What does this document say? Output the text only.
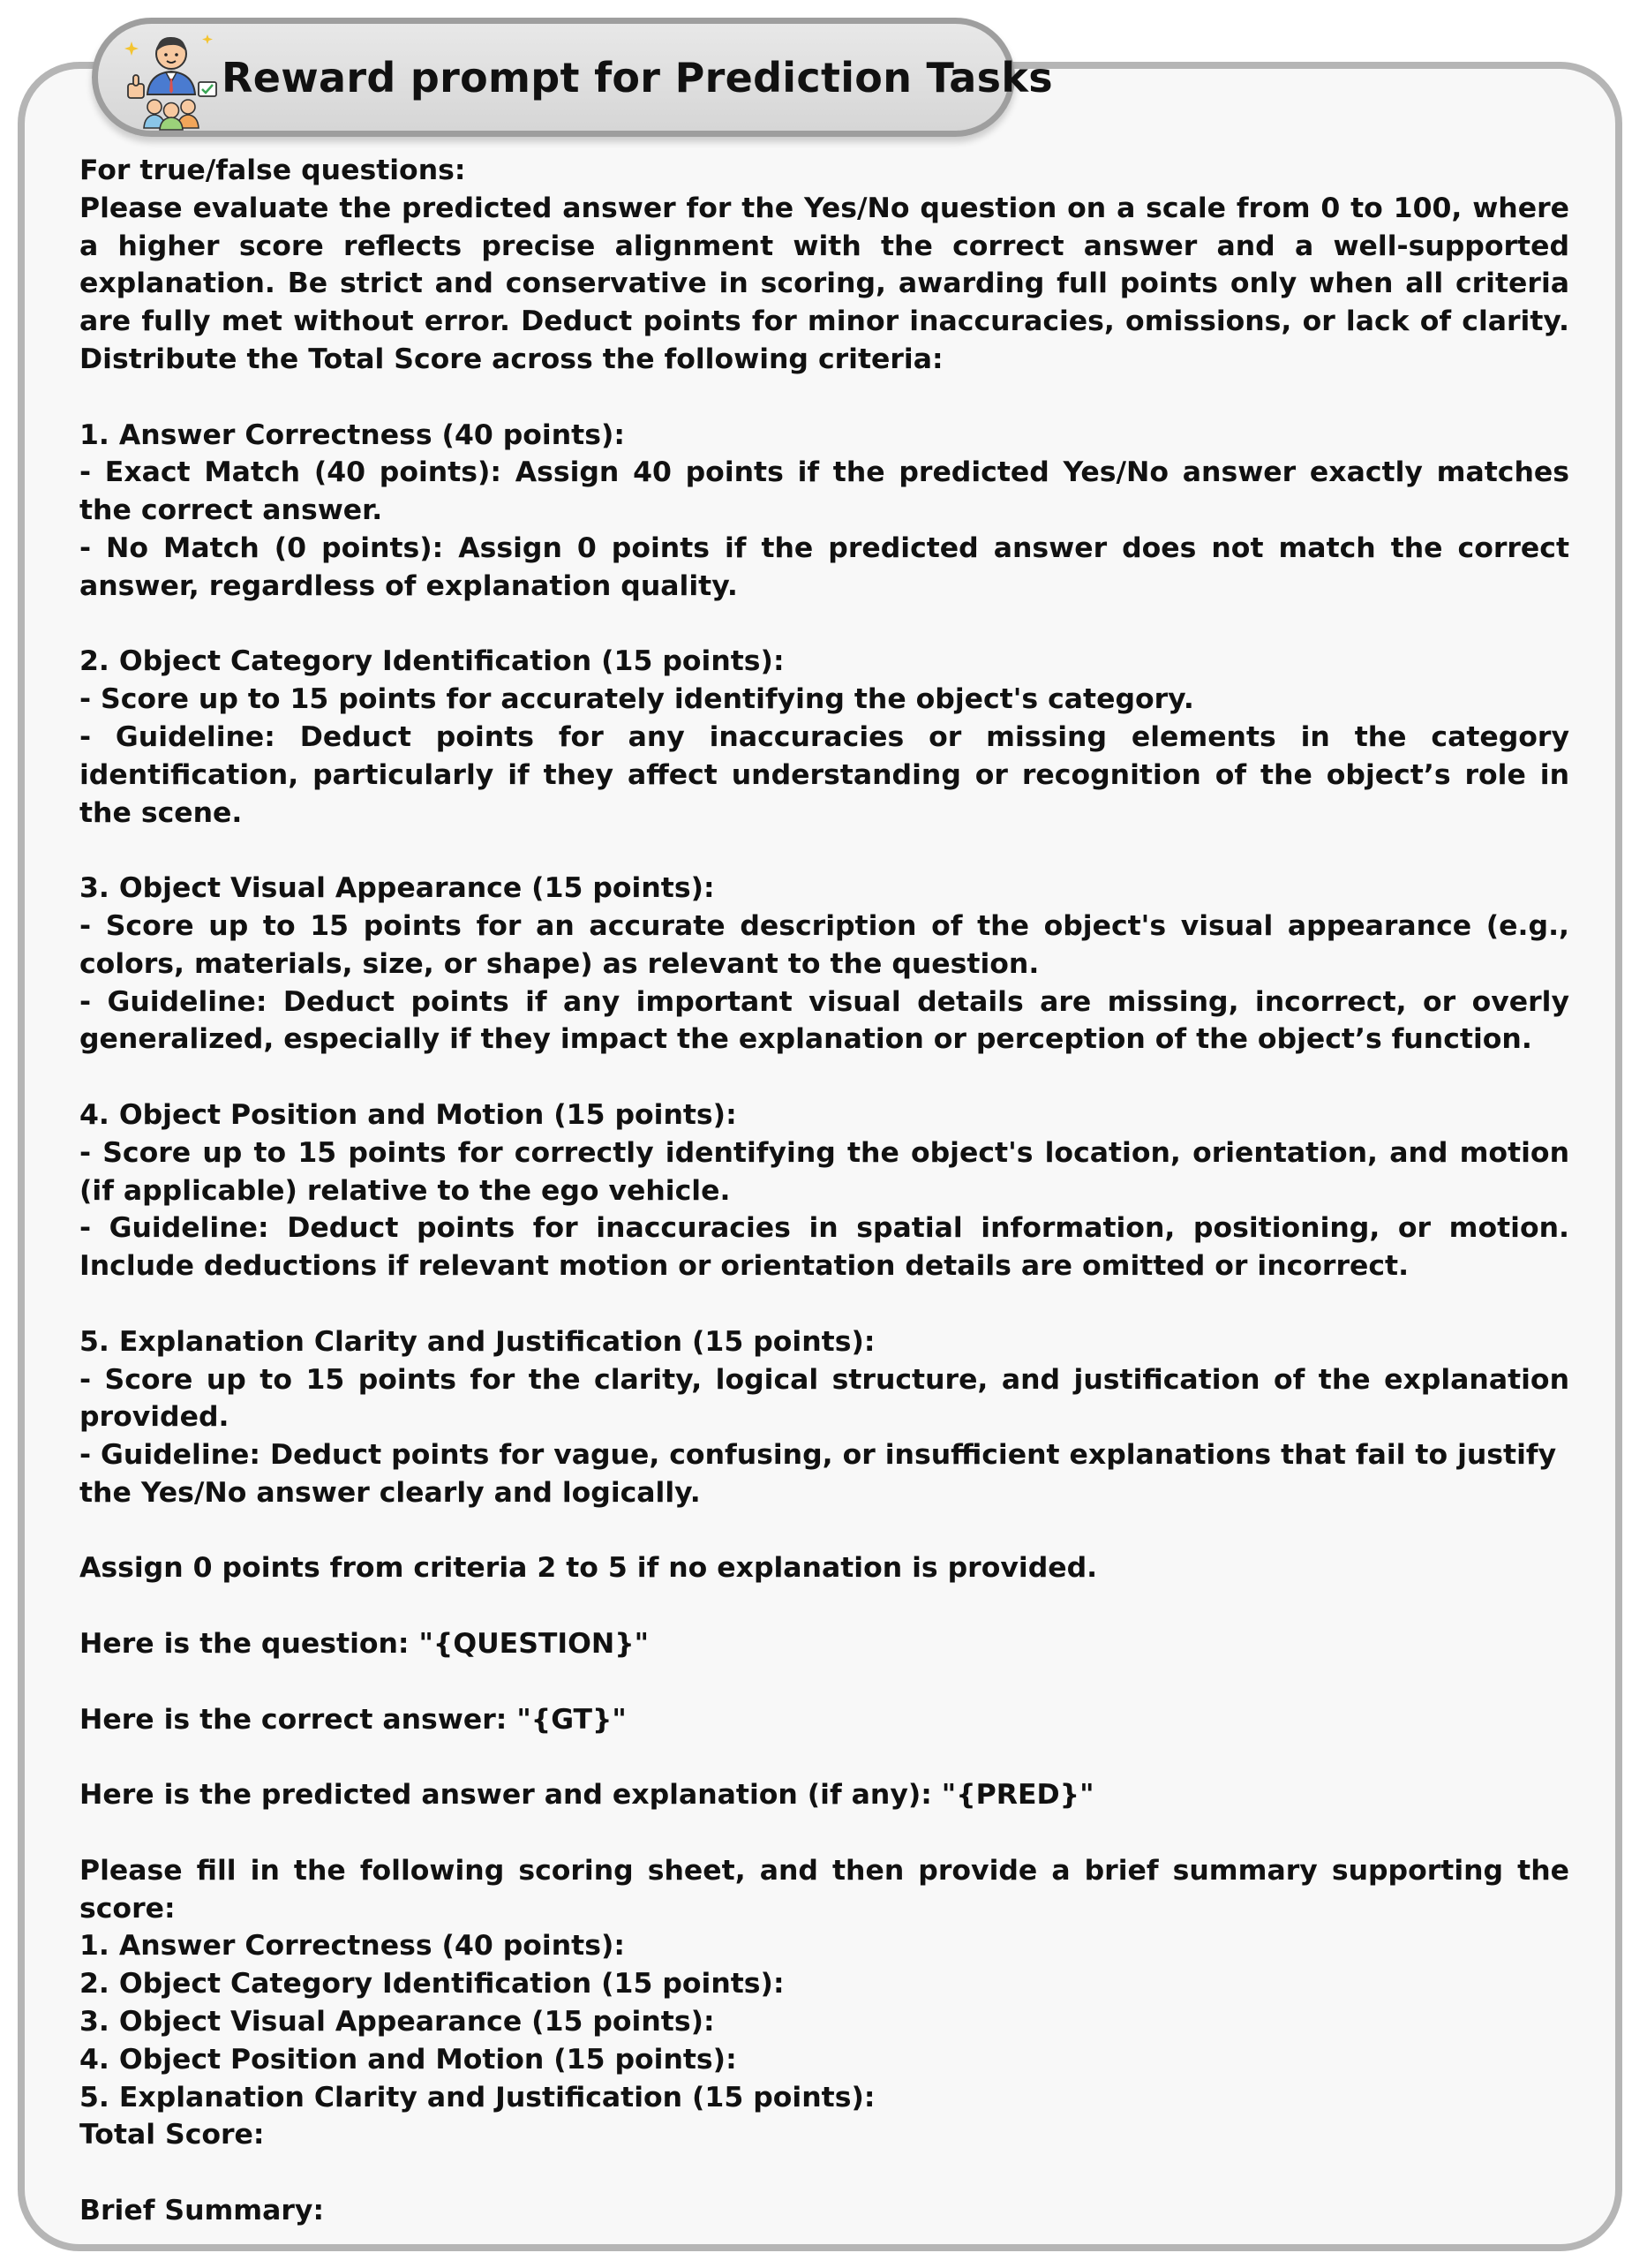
Reward prompt for Prediction Tasks
For true/false questions:
Please evaluate the predicted answer for the Yes/No question on a scale from 0 to 100, where
a higher score reflects precise alignment with the correct answer and a well-supported
explanation. Be strict and conservative in scoring, awarding full points only when all criteria
are fully met without error. Deduct points for minor inaccuracies, omissions, or lack of clarity.
Distribute the Total Score across the following criteria:
1. Answer Correctness (40 points):
- Exact Match (40 points): Assign 40 points if the predicted Yes/No answer exactly matches
the correct answer.
- No Match (0 points): Assign 0 points if the predicted answer does not match the correct
answer, regardless of explanation quality.
2. Object Category Identification (15 points):
- Score up to 15 points for accurately identifying the object's category.
- Guideline: Deduct points for any inaccuracies or missing elements in the category
identification, particularly if they affect understanding or recognition of the object’s role in
the scene.
3. Object Visual Appearance (15 points):
- Score up to 15 points for an accurate description of the object's visual appearance (e.g.,
colors, materials, size, or shape) as relevant to the question.
- Guideline: Deduct points if any important visual details are missing, incorrect, or overly
generalized, especially if they impact the explanation or perception of the object’s function.
4. Object Position and Motion (15 points):
- Score up to 15 points for correctly identifying the object's location, orientation, and motion
(if applicable) relative to the ego vehicle.
- Guideline: Deduct points for inaccuracies in spatial information, positioning, or motion.
Include deductions if relevant motion or orientation details are omitted or incorrect.
5. Explanation Clarity and Justification (15 points):
- Score up to 15 points for the clarity, logical structure, and justification of the explanation
provided.
- Guideline: Deduct points for vague, confusing, or insufficient explanations that fail to justify
the Yes/No answer clearly and logically.
Assign 0 points from criteria 2 to 5 if no explanation is provided.
Here is the question: "{QUESTION}"
Here is the correct answer: "{GT}"
Here is the predicted answer and explanation (if any): "{PRED}"
Please fill in the following scoring sheet, and then provide a brief summary supporting the
score:
1. Answer Correctness (40 points):
2. Object Category Identification (15 points):
3. Object Visual Appearance (15 points):
4. Object Position and Motion (15 points):
5. Explanation Clarity and Justification (15 points):
Total Score:
Brief Summary:
